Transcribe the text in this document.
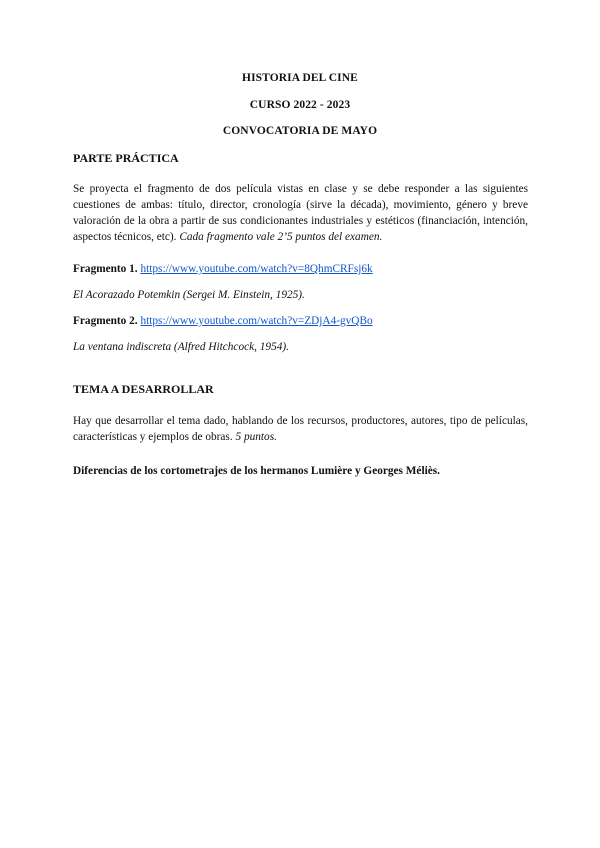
HISTORIA DEL CINE
CURSO 2022 - 2023
CONVOCATORIA DE MAYO
PARTE PRÁCTICA
Se proyecta el fragmento de dos película vistas en clase y se debe responder a las siguientes cuestiones de ambas: título, director, cronología (sirve la década), movimiento, género y breve valoración de la obra a partir de sus condicionantes industriales y estéticos (financiación, intención, aspectos técnicos, etc). Cada fragmento vale 2’5 puntos del examen.
Fragmento 1. https://www.youtube.com/watch?v=8QhmCRFsj6k
El Acorazado Potemkin (Sergei M. Einstein, 1925).
Fragmento 2. https://www.youtube.com/watch?v=ZDjA4-gvQBo
La ventana indiscreta (Alfred Hitchcock, 1954).
TEMA A DESARROLLAR
Hay que desarrollar el tema dado, hablando de los recursos, productores, autores, tipo de películas, características y ejemplos de obras. 5 puntos.
Diferencias de los cortometrajes de los hermanos Lumière y Georges Méliès.
